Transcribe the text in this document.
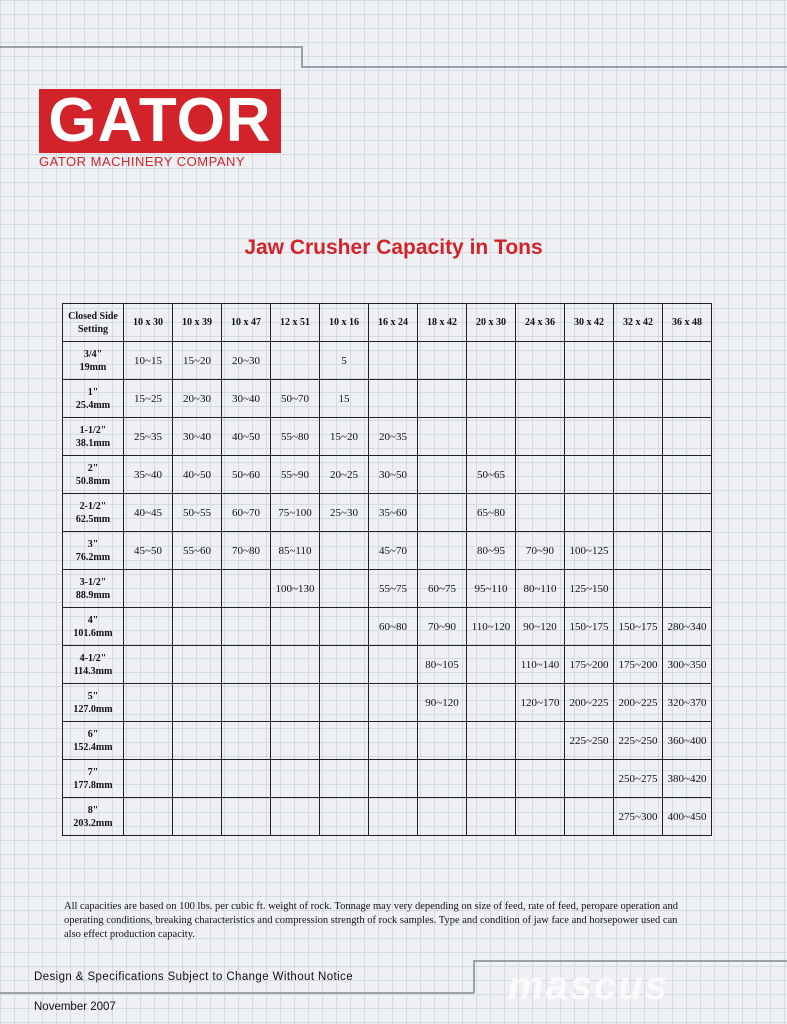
GATOR
GATOR MACHINERY COMPANY
Jaw Crusher Capacity in Tons
Closed Side
Setting	10 x 30	10 x 39	10 x 47	12 x 51	10 x 16	16 x 24	18 x 42	20 x 30	24 x 36	30 x 42	32 x 42	36 x 48
3/4"
19mm	10~15	15~20	20~30		5							
1"
25.4mm	15~25	20~30	30~40	50~70	15							
1-1/2"
38.1mm	25~35	30~40	40~50	55~80	15~20	20~35						
2"
50.8mm	35~40	40~50	50~60	55~90	20~25	30~50		50~65				
2-1/2"
62.5mm	40~45	50~55	60~70	75~100	25~30	35~60		65~80				
3"
76.2mm	45~50	55~60	70~80	85~110		45~70		80~95	70~90	100~125		
3-1/2"
88.9mm				100~130		55~75	60~75	95~110	80~110	125~150		
4"
101.6mm						60~80	70~90	110~120	90~120	150~175	150~175	280~340
4-1/2"
114.3mm							80~105		110~140	175~200	175~200	300~350
5"
127.0mm							90~120		120~170	200~225	200~225	320~370
6"
152.4mm										225~250	225~250	360~400
7"
177.8mm											250~275	380~420
8"
203.2mm											275~300	400~450
All capacities are based on 100 lbs. per cubic ft. weight of rock. Tonnage may very depending on size of feed, rate of feed, peropare operation and operating conditions, breaking characteristics and compression strength of rock samples. Type and condition of jaw face and horsepower used can also effect production capacity.
Design & Specifications Subject to Change Without Notice
November 2007	mascus
